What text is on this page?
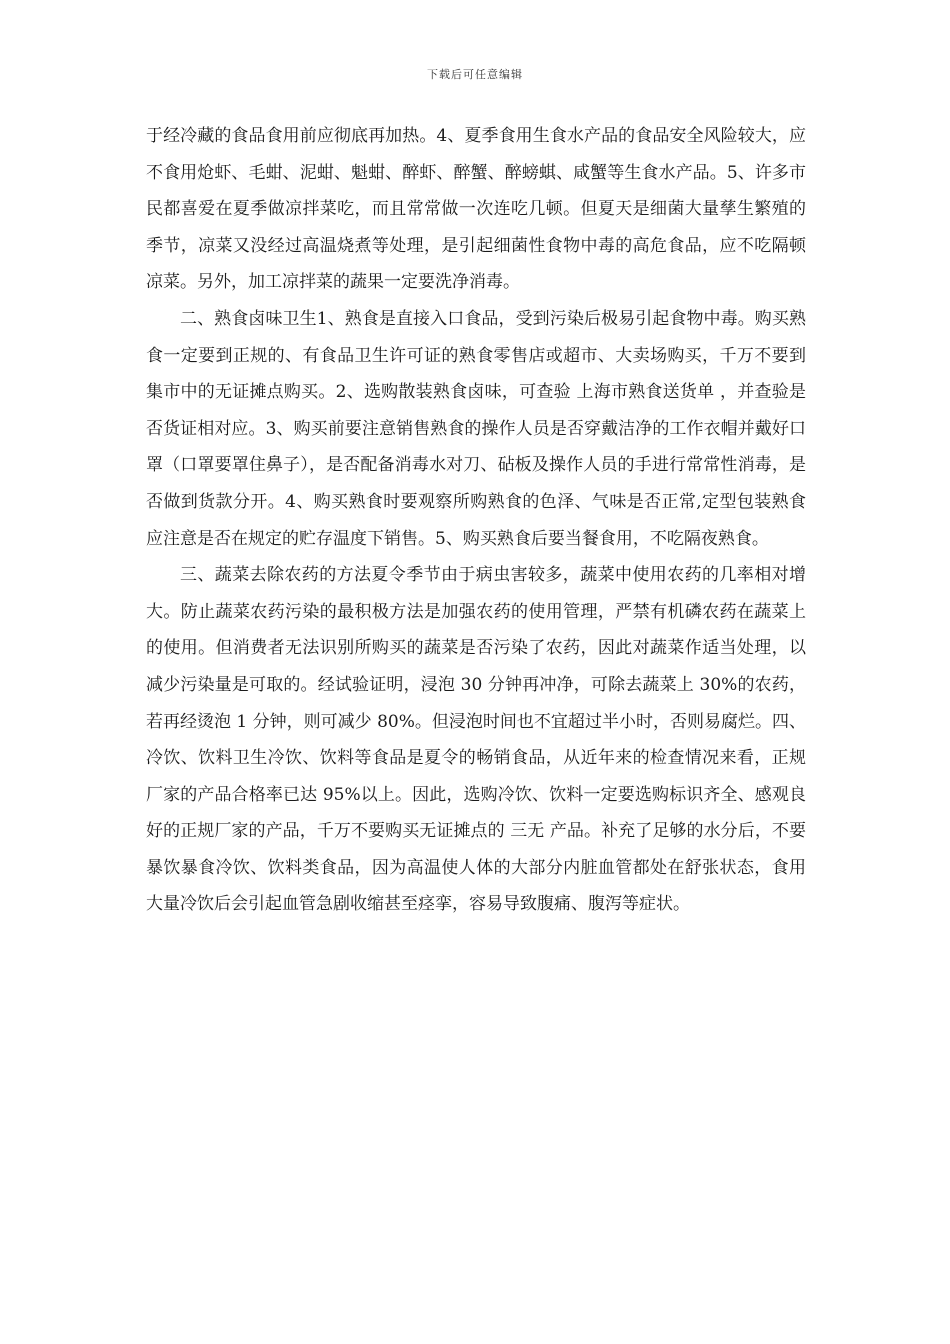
下载后可任意编辑

于经冷藏的食品食用前应彻底再加热。4、夏季食用生食水产品的食品安全风险较大，应不食用炝虾、毛蚶、泥蚶、魁蚶、醉虾、醉蟹、醉螃蜞、咸蟹等生食水产品。5、许多市民都喜爱在夏季做凉拌菜吃，而且常常做一次连吃几顿。但夏天是细菌大量孳生繁殖的季节，凉菜又没经过高温烧煮等处理，是引起细菌性食物中毒的高危食品，应不吃隔顿凉菜。另外，加工凉拌菜的蔬果一定要洗净消毒。

二、熟食卤味卫生1、熟食是直接入口食品，受到污染后极易引起食物中毒。购买熟食一定要到正规的、有食品卫生许可证的熟食零售店或超市、大卖场购买，千万不要到集市中的无证摊点购买。2、选购散装熟食卤味，可查验 上海市熟食送货单 ，并查验是否货证相对应。3、购买前要注意销售熟食的操作人员是否穿戴洁净的工作衣帽并戴好口罩（口罩要罩住鼻子），是否配备消毒水对刀、砧板及操作人员的手进行常常性消毒，是否做到货款分开。4、购买熟食时要观察所购熟食的色泽、气味是否正常,定型包装熟食应注意是否在规定的贮存温度下销售。5、购买熟食后要当餐食用，不吃隔夜熟食。

三、蔬菜去除农药的方法夏令季节由于病虫害较多，蔬菜中使用农药的几率相对增大。防止蔬菜农药污染的最积极方法是加强农药的使用管理，严禁有机磷农药在蔬菜上的使用。但消费者无法识别所购买的蔬菜是否污染了农药，因此对蔬菜作适当处理，以减少污染量是可取的。经试验证明，浸泡 30 分钟再冲净，可除去蔬菜上 30%的农药，若再经烫泡 1 分钟，则可减少 80%。但浸泡时间也不宜超过半小时，否则易腐烂。四、冷饮、饮料卫生冷饮、饮料等食品是夏令的畅销食品，从近年来的检查情况来看，正规厂家的产品合格率已达 95%以上。因此，选购冷饮、饮料一定要选购标识齐全、感观良好的正规厂家的产品，千万不要购买无证摊点的 三无 产品。补充了足够的水分后，不要暴饮暴食冷饮、饮料类食品，因为高温使人体的大部分内脏血管都处在舒张状态，食用大量冷饮后会引起血管急剧收缩甚至痉挛，容易导致腹痛、腹泻等症状。
